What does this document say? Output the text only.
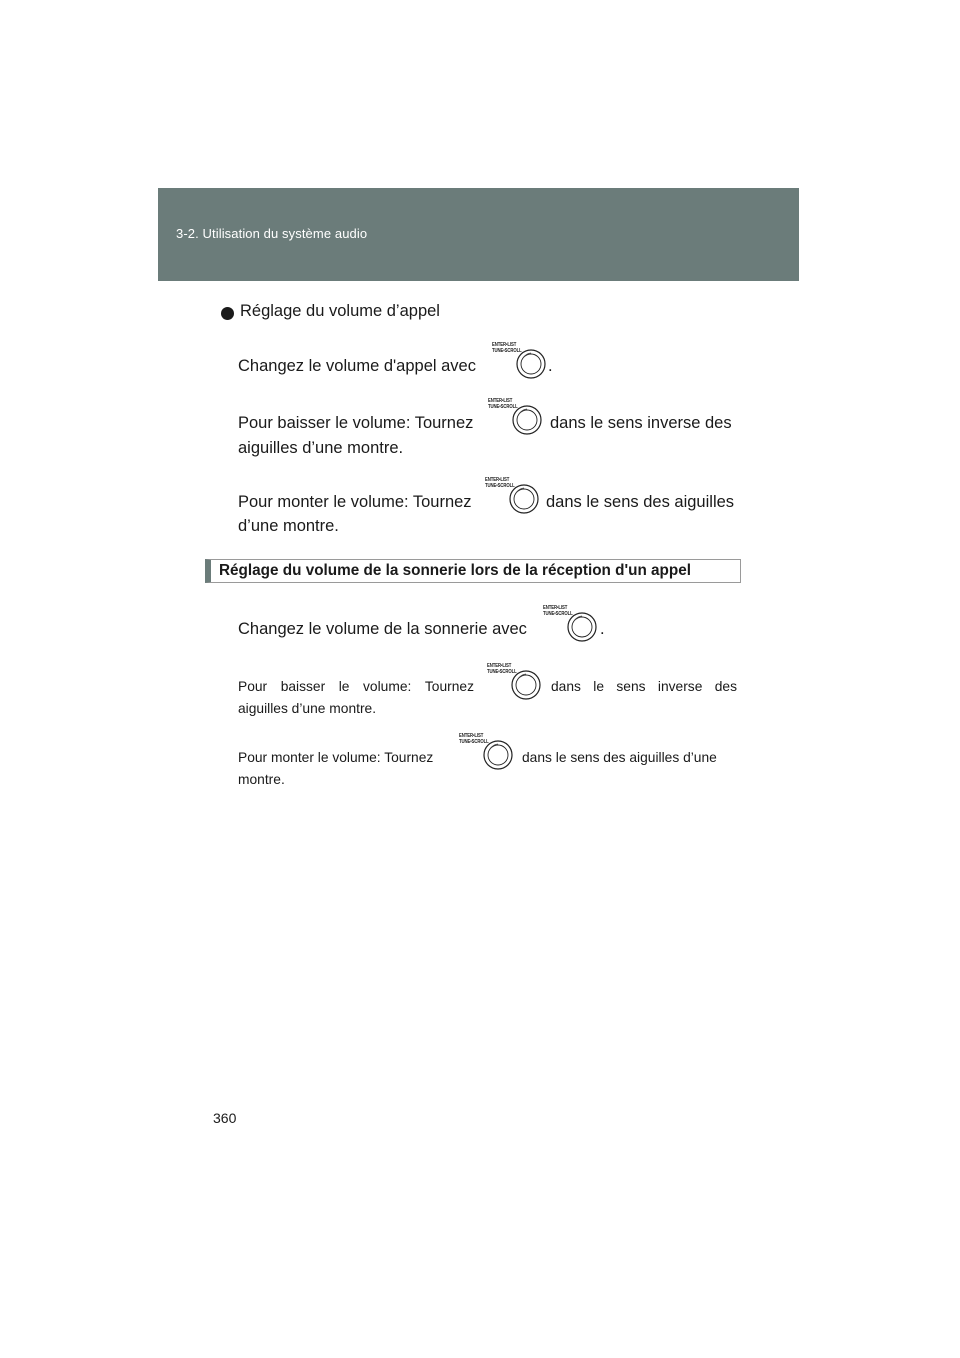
3-2. Utilisation du système audio
Réglage du volume d’appel
Changez le volume d'appel avec
ENTER•LIST
TUNE•SCROLL
.
Pour baisser le volume: Tournez
ENTER•LIST
TUNE•SCROLL
dans le sens inverse des
aiguilles d’une montre.
Pour monter le volume: Tournez
ENTER•LIST
TUNE•SCROLL
dans le sens des aiguilles
d’une montre.
Réglage du volume de la sonnerie lors de la réception d'un appel
Changez le volume de la sonnerie avec
ENTER•LIST
TUNE•SCROLL
.
Pour baisser le volume: Tournez
ENTER•LIST
TUNE•SCROLL
dans le sens inverse des
aiguilles d’une montre.
Pour monter le volume: Tournez
ENTER•LIST
TUNE•SCROLL
dans le sens des aiguilles d’une
montre.
360
